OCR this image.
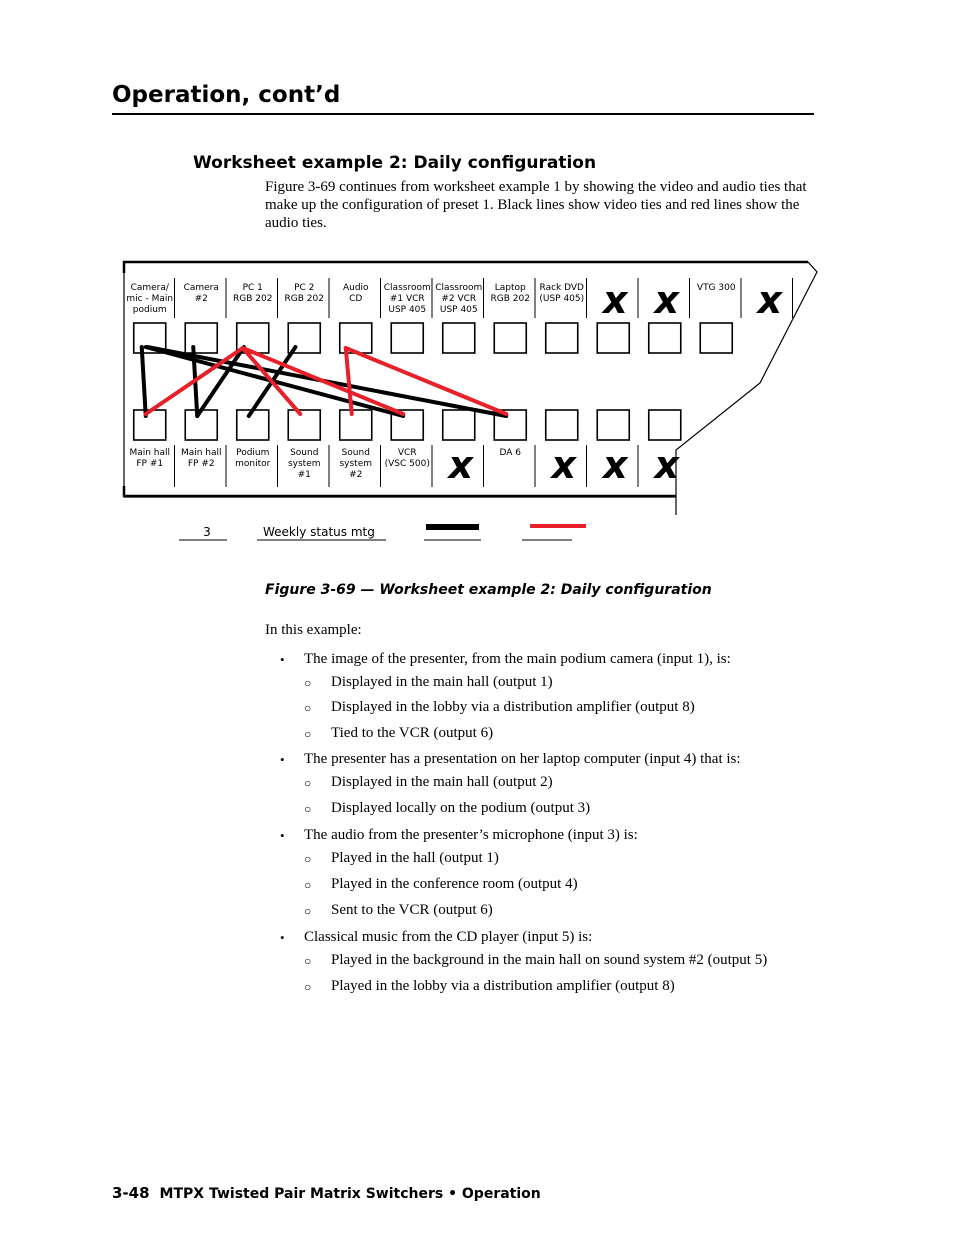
Operation, cont’d
Worksheet example 2: Daily configuration

Figure 3-69 continues from worksheet example 1 by showing the video and audio ties that make up the configuration of preset 1. Black lines show video ties and red lines show the audio ties.

Camera/
mic - Main
podium
Camera
#2
PC 1
RGB 202
PC 2
RGB 202
Audio
CD
Classroom
#1 VCR
USP 405
Classroom
#2 VCR
USP 405
Laptop
RGB 202
Rack DVD
(USP 405) x x VTG 300 x
Main hall
FP #1
Main hall
FP #2
Podium
monitor
Sound
system
#1
Sound
system
#2
VCR
(VSC 500) x	DA 6 x x x
3	Weekly status mtg

Figure 3-69 — Worksheet example 2: Daily configuration

In this example:

• The image of the presenter, from the main podium camera (input 1), is:
○ Displayed in the main hall (output 1)
○ Displayed in the lobby via a distribution amplifier (output 8)
○ Tied to the VCR (output 6)
• The presenter has a presentation on her laptop computer (input 4) that is:
○ Displayed in the main hall (output 2)
○ Displayed locally on the podium (output 3)
• The audio from the presenter’s microphone (input 3) is:
○ Played in the hall (output 1)
○ Played in the conference room (output 4)
○ Sent to the VCR (output 6)
• Classical music from the CD player (input 5) is:
○ Played in the background in the main hall on sound system #2 (output 5)
○ Played in the lobby via a distribution amplifier (output 8)
3-48 MTPX Twisted Pair Matrix Switchers • Operation
